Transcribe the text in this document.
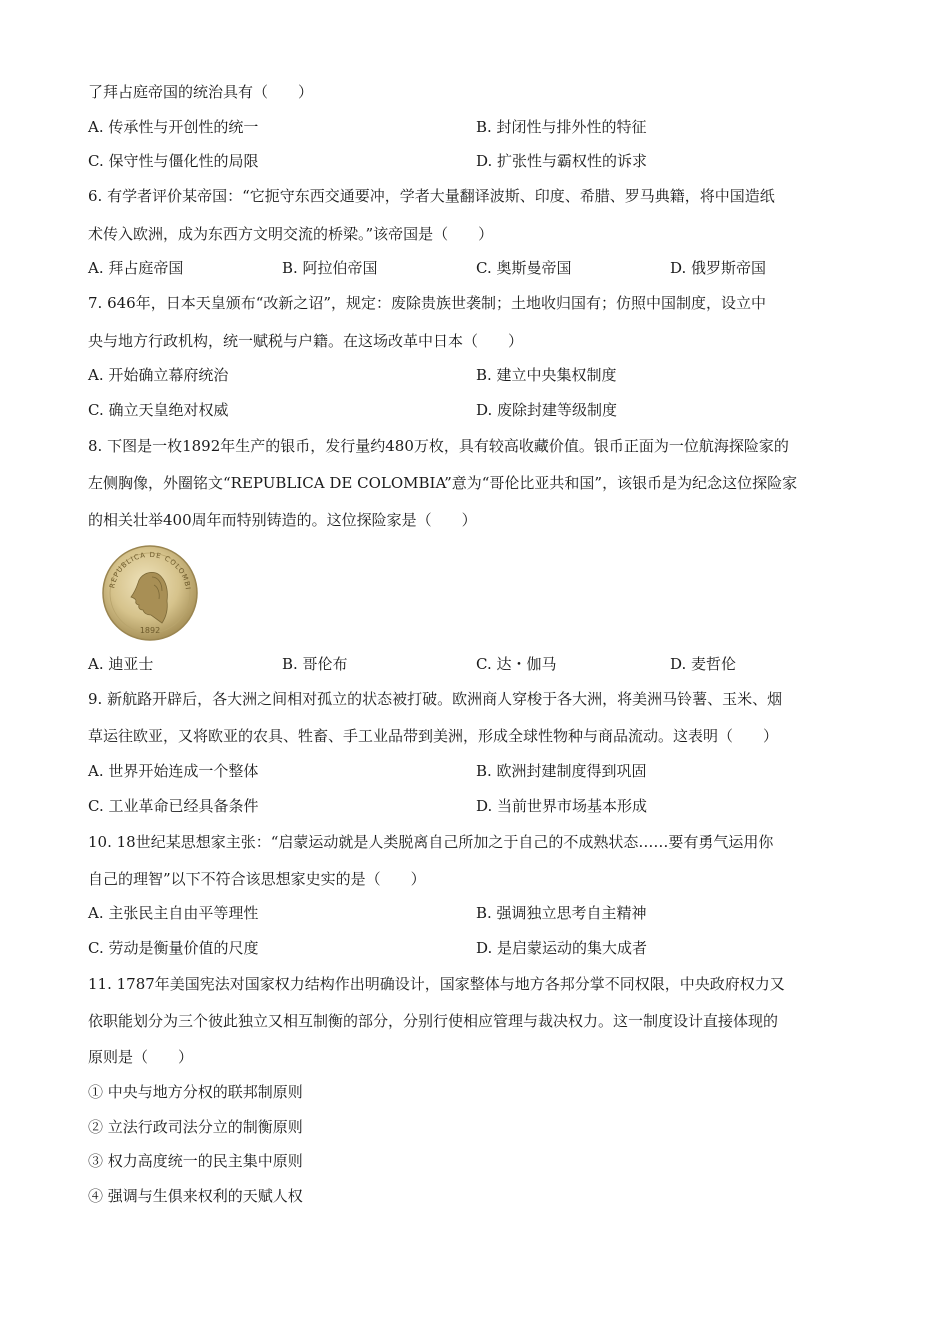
了拜占庭帝国的统治具有（　　）
A. 传承性与开创性的统一	B. 封闭性与排外性的特征
C. 保守性与僵化性的局限	D. 扩张性与霸权性的诉求
6. 有学者评价某帝国：“它扼守东西交通要冲，学者大量翻译波斯、印度、希腊、罗马典籍，将中国造纸
术传入欧洲，成为东西方文明交流的桥梁。”该帝国是（　　）
A. 拜占庭帝国	B. 阿拉伯帝国	C. 奥斯曼帝国	D. 俄罗斯帝国
7. 646年，日本天皇颁布“改新之诏”，规定：废除贵族世袭制；土地收归国有；仿照中国制度，设立中
央与地方行政机构，统一赋税与户籍。在这场改革中日本（　　）
A. 开始确立幕府统治	B. 建立中央集权制度
C. 确立天皇绝对权威	D. 废除封建等级制度
8. 下图是一枚1892年生产的银币，发行量约480万枚，具有较高收藏价值。银币正面为一位航海探险家的
左侧胸像，外圈铭文“REPUBLICA DE COLOMBIA”意为“哥伦比亚共和国”，该银币是为纪念这位探险家
的相关壮举400周年而特别铸造的。这位探险家是（　　）
REPUBLICA DE COLOMBI
1892
A. 迪亚士	B. 哥伦布	C. 达・伽马	D. 麦哲伦
9. 新航路开辟后，各大洲之间相对孤立的状态被打破。欧洲商人穿梭于各大洲，将美洲马铃薯、玉米、烟
草运往欧亚，又将欧亚的农具、牲畜、手工业品带到美洲，形成全球性物种与商品流动。这表明（　　）
A. 世界开始连成一个整体	B. 欧洲封建制度得到巩固
C. 工业革命已经具备条件	D. 当前世界市场基本形成
10. 18世纪某思想家主张：“启蒙运动就是人类脱离自己所加之于自己的不成熟状态……要有勇气运用你
自己的理智”以下不符合该思想家史实的是（　　）
A. 主张民主自由平等理性	B. 强调独立思考自主精神
C. 劳动是衡量价值的尺度	D. 是启蒙运动的集大成者
11. 1787年美国宪法对国家权力结构作出明确设计，国家整体与地方各邦分掌不同权限，中央政府权力又
依职能划分为三个彼此独立又相互制衡的部分，分别行使相应管理与裁决权力。这一制度设计直接体现的
原则是（　　）
① 中央与地方分权的联邦制原则
② 立法行政司法分立的制衡原则
③ 权力高度统一的民主集中原则
④ 强调与生俱来权利的天赋人权
